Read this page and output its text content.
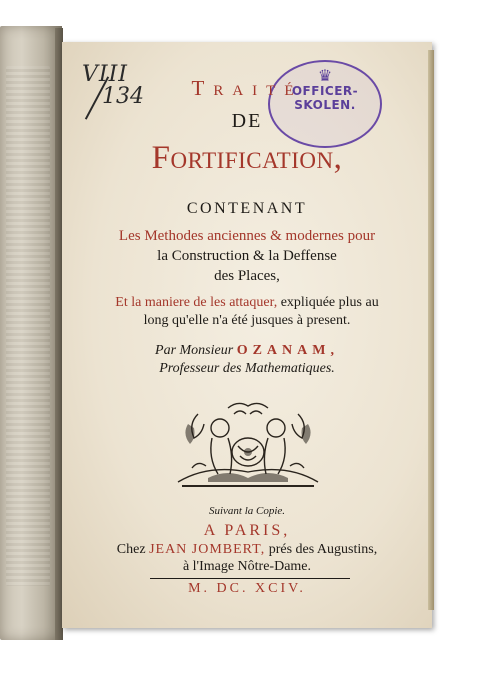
VIII
134
♛
OFFICER-
SKOLEN.
Traité
DE
Fortification,
CONTENANT
Les Methodes anciennes & modernes pour
la Construction & la Deffense
des Places,
Et la maniere de les attaquer, expliquée plus au
long qu'elle n'a été jusques à present.
Par Monsieur OZANAM,
Professeur des Mathematiques.
Suivant la Copie.
A PARIS,
Chez JEAN JOMBERT, prés des Augustins,
à l'Image Nôtre-Dame.
M. DC. XCIV.
